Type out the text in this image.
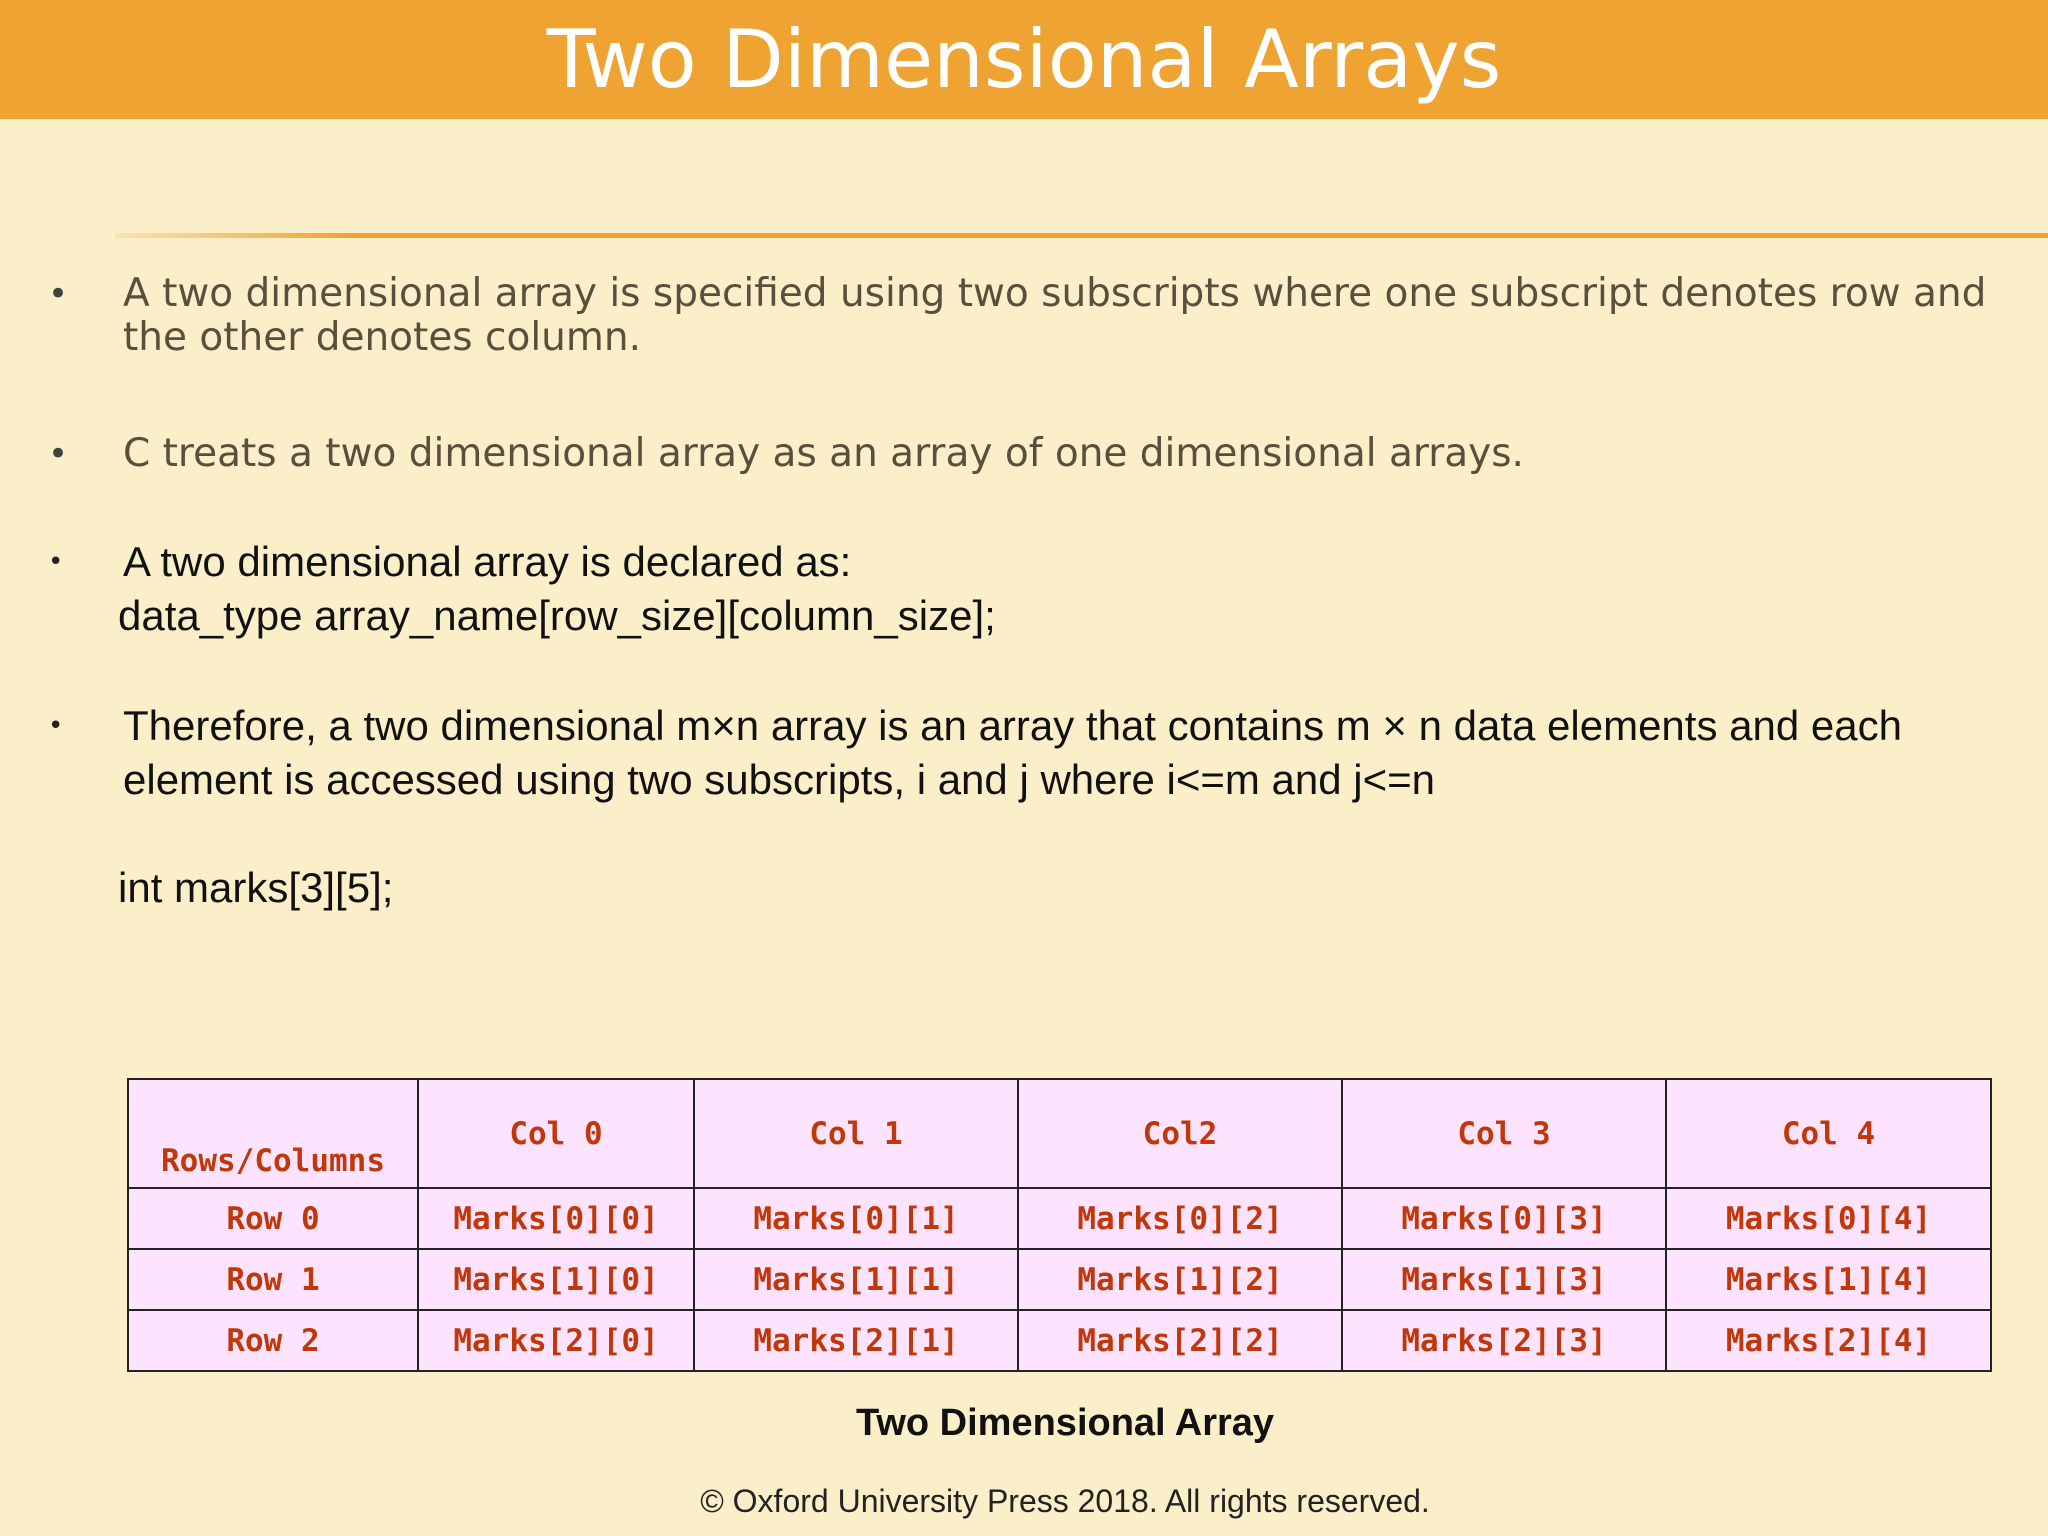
Two Dimensional Arrays
• A two dimensional array is specified using two subscripts where one subscript denotes row and the other denotes column.
• C treats a two dimensional array as an array of one dimensional arrays.
• A two dimensional array is declared as:
data_type array_name[row_size][column_size];
• Therefore, a two dimensional m×n array is an array that contains m × n data elements and each element is accessed using two subscripts, i and j where i<=m and j<=n
int marks[3][5];
Rows/Columns	Col 0	Col 1	Col2	Col 3	Col 4
Row 0	Marks[0][0]	Marks[0][1]	Marks[0][2]	Marks[0][3]	Marks[0][4]
Row 1	Marks[1][0]	Marks[1][1]	Marks[1][2]	Marks[1][3]	Marks[1][4]
Row 2	Marks[2][0]	Marks[2][1]	Marks[2][2]	Marks[2][3]	Marks[2][4]
Two Dimensional Array
© Oxford University Press 2018. All rights reserved.
